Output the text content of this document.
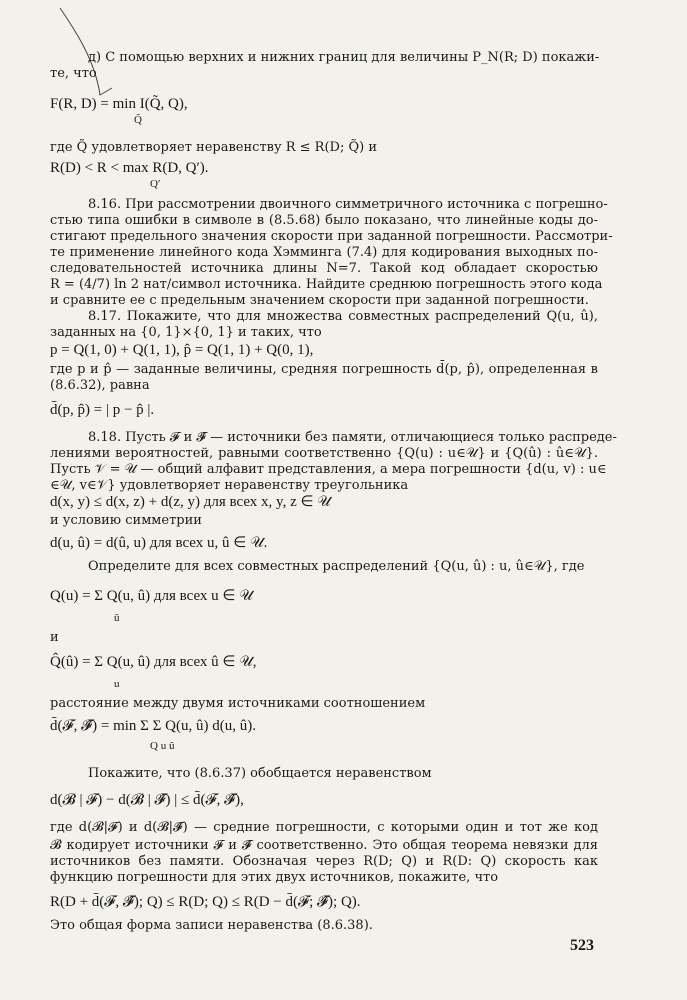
д) С помощью верхних и нижних границ для величины P_N(R; D) покажи-

те, что

F(R, D) = min I(Q̃, Q),

Q̃

где Q̃ удовлетворяет неравенству R ≤ R(D; Q̃) и

R(D) < R < max R(D, Q′).

Q′

8.16. При рассмотрении двоичного симметричного источника с погрешно-

стью типа ошибки в символе в (8.5.68) было показано, что линейные коды до-

стигают предельного значения скорости при заданной погрешности. Рассмотри-

те применение линейного кода Хэмминга (7.4) для кодирования выходных по-

следовательностей источника длины N=7. Такой код обладает скоростью

R = (4/7) ln 2 нат/символ источника. Найдите среднюю погрешность этого кода

и сравните ее с предельным значением скорости при заданной погрешности.

8.17. Покажите, что для множества совместных распределений Q(u, û),

заданных на {0, 1}×{0, 1} и таких, что

p = Q(1, 0) + Q(1, 1), p̂ = Q(1, 1) + Q(0, 1),

где p и p̂ — заданные величины, средняя погрешность d̄(p, p̂), определенная в

(8.6.32), равна

d̄(p, p̂) = | p − p̂ |.

8.18. Пусть 𝓕 и 𝓕̂ — источники без памяти, отличающиеся только распреде-

лениями вероятностей, равными соответственно {Q(u) : u∈𝒰} и {Q(û) : û∈𝒰}.

Пусть 𝒱 = 𝒰 — общий алфавит представления, а мера погрешности {d(u, v) : u∈

∈𝒰, v∈𝒱} удовлетворяет неравенству треугольника

d(x, y) ≤ d(x, z) + d(z, y) для всех x, y, z ∈ 𝒰

и условию симметрии

d(u, û) = d(û, u) для всех u, û ∈ 𝒰.

Определите для всех совместных распределений {Q(u, û) : u, û∈𝒰}, где

Q(u) = Σ Q(u, û) для всех u ∈ 𝒰

û

и

Q̂(û) = Σ Q(u, û) для всех û ∈ 𝒰,

u

расстояние между двумя источниками соотношением

d̄(𝓕, 𝓕̂) = min Σ Σ Q(u, û) d(u, û).

Q u û

Покажите, что (8.6.37) обобщается неравенством

d(𝓑 | 𝓕) − d(𝓑 | 𝓕̂) | ≤ d̄(𝓕, 𝓕̂),

где d(𝓑|𝓕) и d(𝓑|𝓕̂) — средние погрешности, с которыми один и тот же код

𝓑 кодирует источники 𝓕 и 𝓕̂ соответственно. Это общая теорема невязки для

источников без памяти. Обозначая через R(D; Q) и R(D: Q) скорость как

функцию погрешности для этих двух источников, покажите, что

R(D + d̄(𝓕, 𝓕̂); Q) ≤ R(D; Q) ≤ R(D − d̄(𝓕; 𝓕̂); Q).

Это общая форма записи неравенства (8.6.38).

523
